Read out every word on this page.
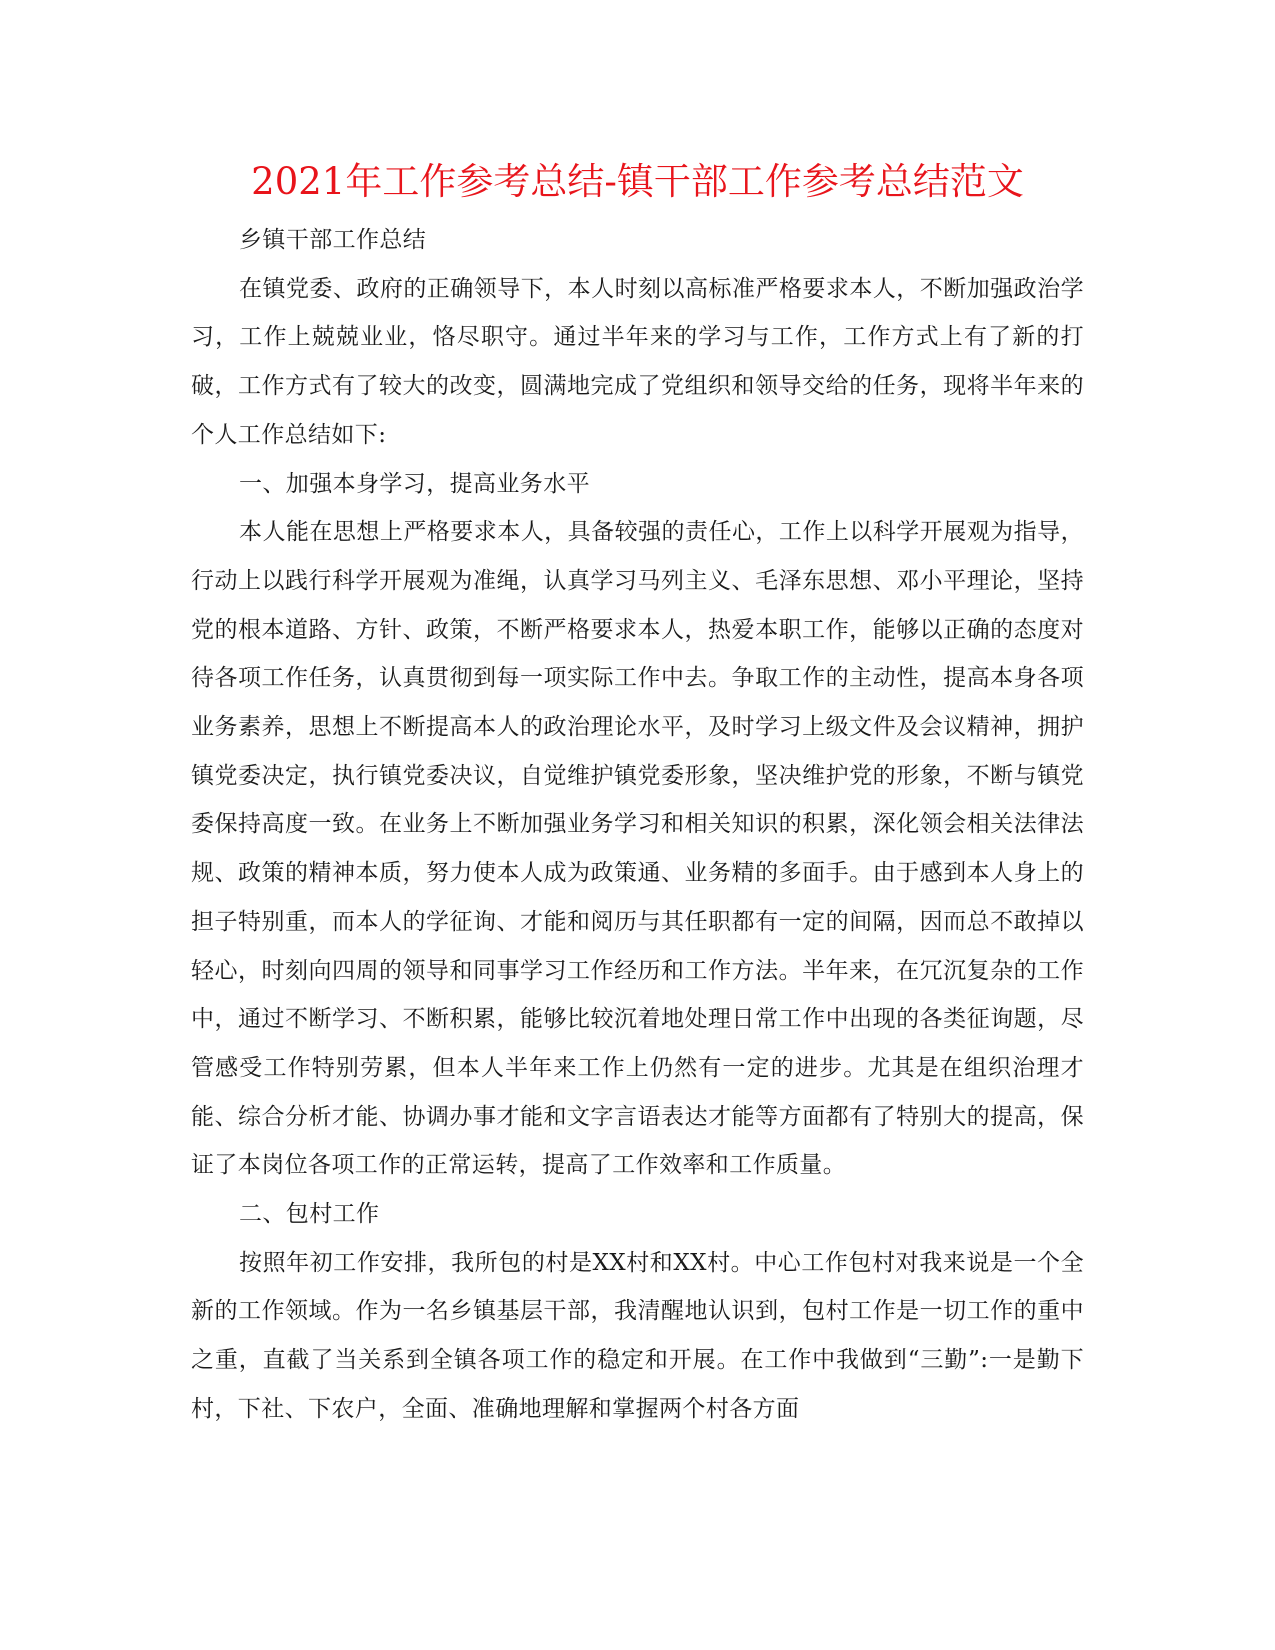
2021年工作参考总结-镇干部工作参考总结范文

乡镇干部工作总结

在镇党委、政府的正确领导下，本人时刻以高标准严格要求本人，不断加强政治学习，工作上兢兢业业，恪尽职守。通过半年来的学习与工作，工作方式上有了新的打破，工作方式有了较大的改变，圆满地完成了党组织和领导交给的任务，现将半年来的个人工作总结如下:

一、加强本身学习，提高业务水平

本人能在思想上严格要求本人，具备较强的责任心，工作上以科学开展观为指导，行动上以践行科学开展观为准绳，认真学习马列主义、毛泽东思想、邓小平理论，坚持党的根本道路、方针、政策，不断严格要求本人，热爱本职工作，能够以正确的态度对待各项工作任务，认真贯彻到每一项实际工作中去。争取工作的主动性，提高本身各项业务素养，思想上不断提高本人的政治理论水平，及时学习上级文件及会议精神，拥护镇党委决定，执行镇党委决议，自觉维护镇党委形象，坚决维护党的形象，不断与镇党委保持高度一致。在业务上不断加强业务学习和相关知识的积累，深化领会相关法律法规、政策的精神本质，努力使本人成为政策通、业务精的多面手。由于感到本人身上的担子特别重，而本人的学征询、才能和阅历与其任职都有一定的间隔，因而总不敢掉以轻心，时刻向四周的领导和同事学习工作经历和工作方法。半年来，在冗沉复杂的工作中，通过不断学习、不断积累，能够比较沉着地处理日常工作中出现的各类征询题，尽管感受工作特别劳累，但本人半年来工作上仍然有一定的进步。尤其是在组织治理才能、综合分析才能、协调办事才能和文字言语表达才能等方面都有了特别大的提高，保证了本岗位各项工作的正常运转，提高了工作效率和工作质量。

二、包村工作

按照年初工作安排，我所包的村是XX村和XX村。中心工作包村对我来说是一个全新的工作领域。作为一名乡镇基层干部，我清醒地认识到，包村工作是一切工作的重中之重，直截了当关系到全镇各项工作的稳定和开展。在工作中我做到“三勤”:一是勤下村，下社、下农户，全面、准确地理解和掌握两个村各方面
